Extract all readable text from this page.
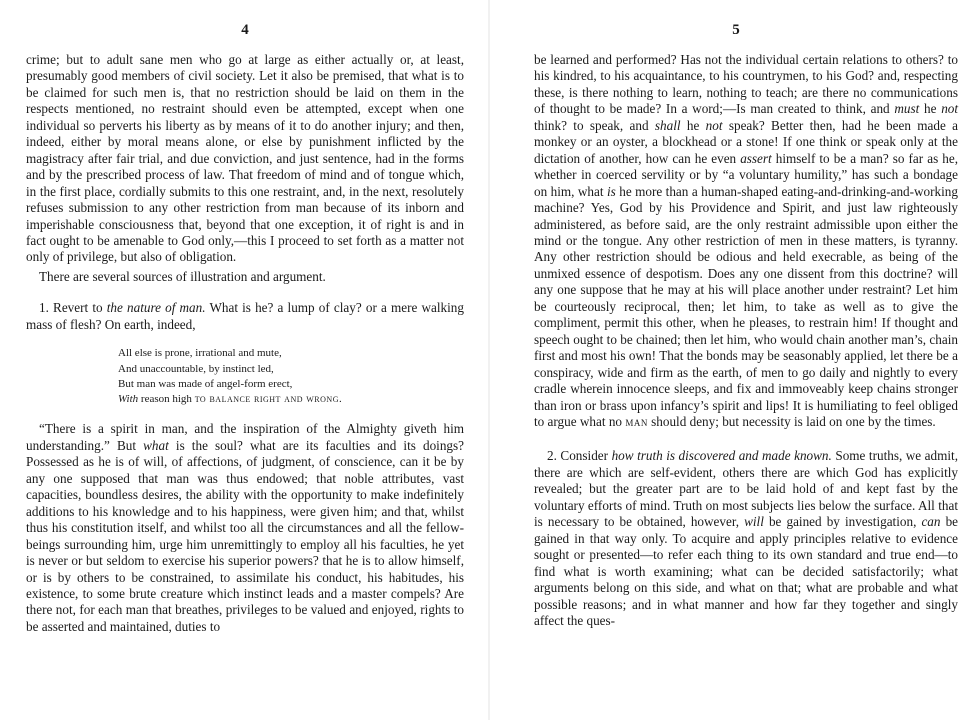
4

crime; but to adult sane men who go at large as either actually or, at least, presumably good members of civil society. Let it also be premised, that what is to be claimed for such men is, that no restriction should be laid on them in the respects mentioned, no restraint should even be attempted, except when one individual so perverts his liberty as by means of it to do another injury; and then, indeed, either by moral means alone, or else by punishment inflicted by the magistracy after fair trial, and due conviction, and just sentence, had in the forms and by the prescribed process of law. That freedom of mind and of tongue which, in the first place, cordially submits to this one restraint, and, in the next, resolutely refuses submission to any other restriction from man because of its inborn and imperishable consciousness that, beyond that one exception, it of right is and in fact ought to be amenable to God only,—this I proceed to set forth as a matter not only of privilege, but also of obligation.

There are several sources of illustration and argument.

1. Revert to the nature of man. What is he? a lump of clay? or a mere walking mass of flesh? On earth, indeed,

All else is prone, irrational and mute,
And unaccountable, by instinct led,
But man was made of angel-form erect,
With reason high to balance right and wrong.

“There is a spirit in man, and the inspiration of the Almighty giveth him understanding.” But what is the soul? what are its faculties and its doings? Possessed as he is of will, of affections, of judgment, of conscience, can it be by any one supposed that man was thus endowed; that noble attributes, vast capacities, boundless desires, the ability with the opportunity to make indefinitely additions to his knowledge and to his happiness, were given him; and that, whilst thus his constitution itself, and whilst too all the circumstances and all the fellow-beings surrounding him, urge him unremittingly to employ all his faculties, he yet is never or but seldom to exercise his superior powers? that he is to allow himself, or is by others to be constrained, to assimilate his conduct, his habitudes, his existence, to some brute creature which instinct leads and a master compels? Are there not, for each man that breathes, privileges to be valued and enjoyed, rights to be asserted and maintained, duties to

5

be learned and performed? Has not the individual certain relations to others? to his kindred, to his acquaintance, to his countrymen, to his God? and, respecting these, is there nothing to learn, nothing to teach; are there no communications of thought to be made? In a word;—Is man created to think, and must he not think? to speak, and shall he not speak? Better then, had he been made a monkey or an oyster, a blockhead or a stone! If one think or speak only at the dictation of another, how can he even assert himself to be a man? so far as he, whether in coerced servility or by “a voluntary humility,” has such a bondage on him, what is he more than a human-shaped eating-and-drinking-and-working machine? Yes, God by his Providence and Spirit, and just law righteously administered, as before said, are the only restraint admissible upon either the mind or the tongue. Any other restriction of men in these matters, is tyranny. Any other restriction should be odious and held execrable, as being of the unmixed essence of despotism. Does any one dissent from this doctrine? will any one suppose that he may at his will place another under restraint? Let him be courteously reciprocal, then; let him, to take as well as to give the compliment, permit this other, when he pleases, to restrain him! If thought and speech ought to be chained; then let him, who would chain another man’s, chain first and most his own! That the bonds may be seasonably applied, let there be a conspiracy, wide and firm as the earth, of men to go daily and nightly to every cradle wherein innocence sleeps, and fix and immoveably keep chains stronger than iron or brass upon infancy’s spirit and lips! It is humiliating to feel obliged to argue what no man should deny; but necessity is laid on one by the times.

2. Consider how truth is discovered and made known. Some truths, we admit, there are which are self-evident, others there are which God has explicitly revealed; but the greater part are to be laid hold of and kept fast by the voluntary efforts of mind. Truth on most subjects lies below the surface. All that is necessary to be obtained, however, will be gained by investigation, can be gained in that way only. To acquire and apply principles relative to evidence sought or presented—to refer each thing to its own standard and true end—to find what is worth examining; what can be decided satisfactorily; what arguments belong on this side, and what on that; what are probable and what possible reasons; and in what manner and how far they together and singly affect the ques-
